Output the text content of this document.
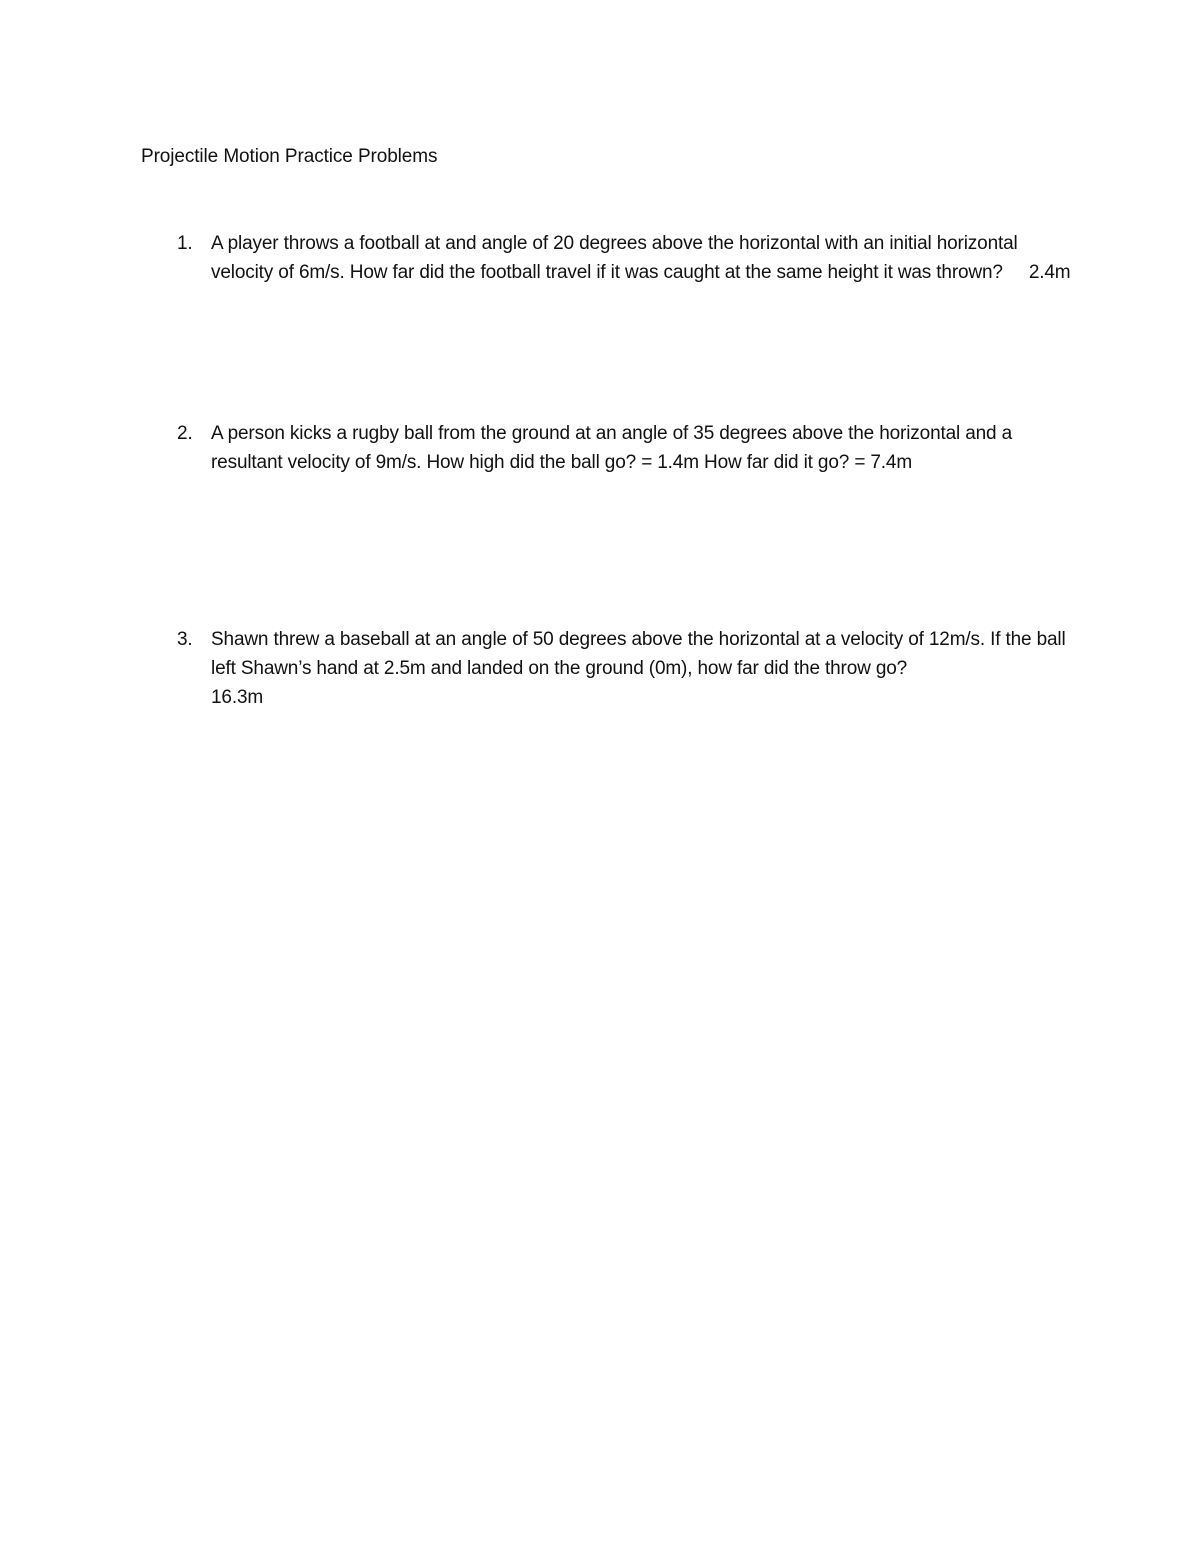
Projectile Motion Practice Problems
1. A player throws a football at and angle of 20 degrees above the horizontal with an initial horizontal velocity of 6m/s. How far did the football travel if it was caught at the same height it was thrown? 2.4m
2. A person kicks a rugby ball from the ground at an angle of 35 degrees above the horizontal and a resultant velocity of 9m/s. How high did the ball go? = 1.4m How far did it go? = 7.4m
3. Shawn threw a baseball at an angle of 50 degrees above the horizontal at a velocity of 12m/s. If the ball left Shawn’s hand at 2.5m and landed on the ground (0m), how far did the throw go?
16.3m
